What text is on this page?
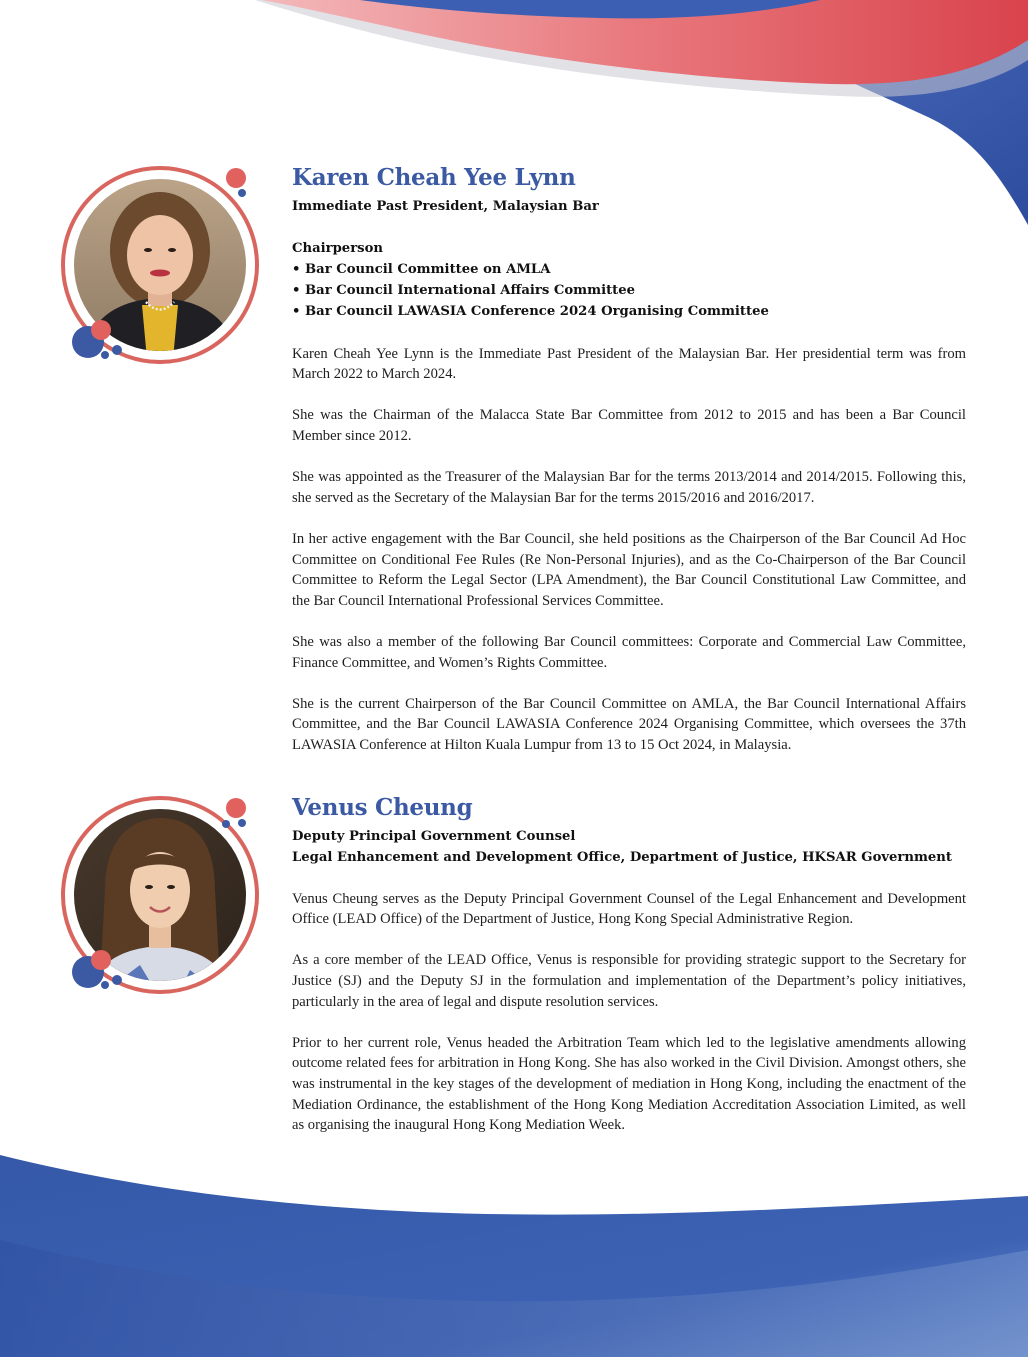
Karen Cheah Yee Lynn
Immediate Past President, Malaysian Bar
Chairperson
• Bar Council Committee on AMLA
• Bar Council International Affairs Committee
• Bar Council LAWASIA Conference 2024 Organising Committee

Karen Cheah Yee Lynn is the Immediate Past President of the Malaysian Bar. Her presidential term was from March 2022 to March 2024.

She was the Chairman of the Malacca State Bar Committee from 2012 to 2015 and has been a Bar Council Member since 2012.

She was appointed as the Treasurer of the Malaysian Bar for the terms 2013/2014 and 2014/2015. Following this, she served as the Secretary of the Malaysian Bar for the terms 2015/2016 and 2016/2017.

In her active engagement with the Bar Council, she held positions as the Chairperson of the Bar Council Ad Hoc Committee on Conditional Fee Rules (Re Non-Personal Injuries), and as the Co-Chairperson of the Bar Council Committee to Reform the Legal Sector (LPA Amendment), the Bar Council Constitutional Law Committee, and the Bar Council International Professional Services Committee.

She was also a member of the following Bar Council committees: Corporate and Commercial Law Committee, Finance Committee, and Women’s Rights Committee.

She is the current Chairperson of the Bar Council Committee on AMLA, the Bar Council International Affairs Committee, and the Bar Council LAWASIA Conference 2024 Organising Committee, which oversees the 37th LAWASIA Conference at Hilton Kuala Lumpur from 13 to 15 Oct 2024, in Malaysia.

Venus Cheung
Deputy Principal Government Counsel
Legal Enhancement and Development Office, Department of Justice, HKSAR Government

Venus Cheung serves as the Deputy Principal Government Counsel of the Legal Enhancement and Development Office (LEAD Office) of the Department of Justice, Hong Kong Special Administrative Region.

As a core member of the LEAD Office, Venus is responsible for providing strategic support to the Secretary for Justice (SJ) and the Deputy SJ in the formulation and implementation of the Department’s policy initiatives, particularly in the area of legal and dispute resolution services.

Prior to her current role, Venus headed the Arbitration Team which led to the legislative amendments allowing outcome related fees for arbitration in Hong Kong. She has also worked in the Civil Division. Amongst others, she was instrumental in the key stages of the development of mediation in Hong Kong, including the enactment of the Mediation Ordinance, the establishment of the Hong Kong Mediation Accreditation Association Limited, as well as organising the inaugural Hong Kong Mediation Week.
